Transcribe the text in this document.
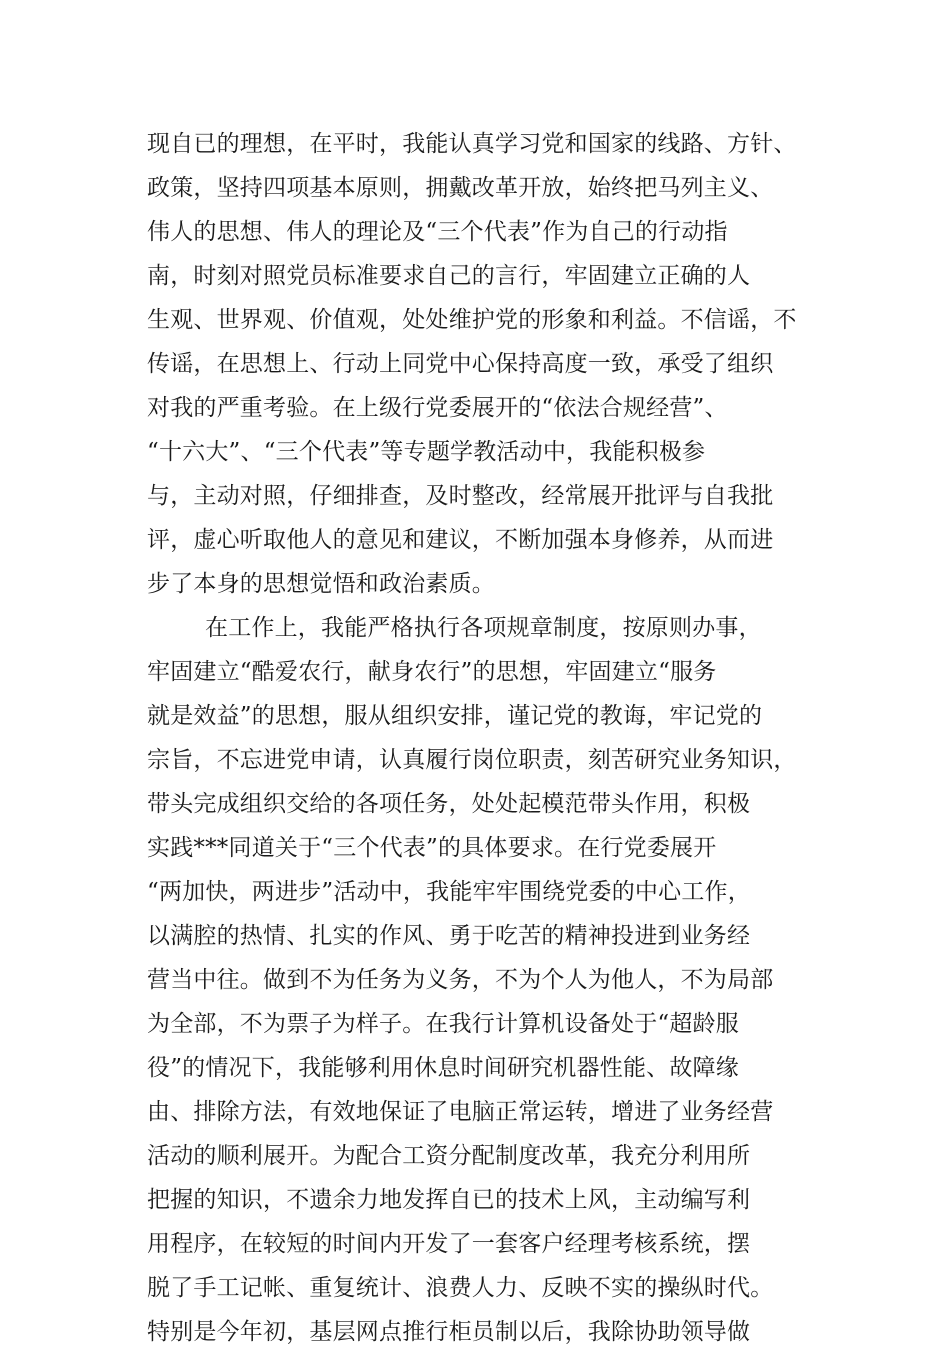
现自已的理想，在平时，我能认真学习党和国家的线路、方针、
政策，坚持四项基本原则，拥戴改革开放，始终把马列主义、
伟人的思想、伟人的理论及“三个代表”作为自己的行动指
南，时刻对照党员标准要求自己的言行，牢固建立正确的人
生观、世界观、价值观，处处维护党的形象和利益。不信谣，不
传谣，在思想上、行动上同党中心保持高度一致，承受了组织
对我的严重考验。在上级行党委展开的“依法合规经营”、
“十六大”、“三个代表”等专题学教活动中，我能积极参
与，主动对照，仔细排查，及时整改，经常展开批评与自我批
评，虚心听取他人的意见和建议，不断加强本身修养，从而进
步了本身的思想觉悟和政治素质。
在工作上，我能严格执行各项规章制度，按原则办事，
牢固建立“酷爱农行，献身农行”的思想，牢固建立“服务
就是效益”的思想，服从组织安排，谨记党的教诲，牢记党的
宗旨，不忘进党申请，认真履行岗位职责，刻苦研究业务知识，
带头完成组织交给的各项任务，处处起模范带头作用，积极
实践***同道关于“三个代表”的具体要求。在行党委展开
“两加快，两进步”活动中，我能牢牢围绕党委的中心工作，
以满腔的热情、扎实的作风、勇于吃苦的精神投进到业务经
营当中往。做到不为任务为义务，不为个人为他人，不为局部
为全部，不为票子为样子。在我行计算机设备处于“超龄服
役”的情况下，我能够利用休息时间研究机器性能、故障缘
由、排除方法，有效地保证了电脑正常运转，增进了业务经营
活动的顺利展开。为配合工资分配制度改革，我充分利用所
把握的知识，不遗余力地发挥自已的技术上风，主动编写利
用程序，在较短的时间内开发了一套客户经理考核系统，摆
脱了手工记帐、重复统计、浪费人力、反映不实的操纵时代。
特别是今年初，基层网点推行柜员制以后，我除协助领导做
